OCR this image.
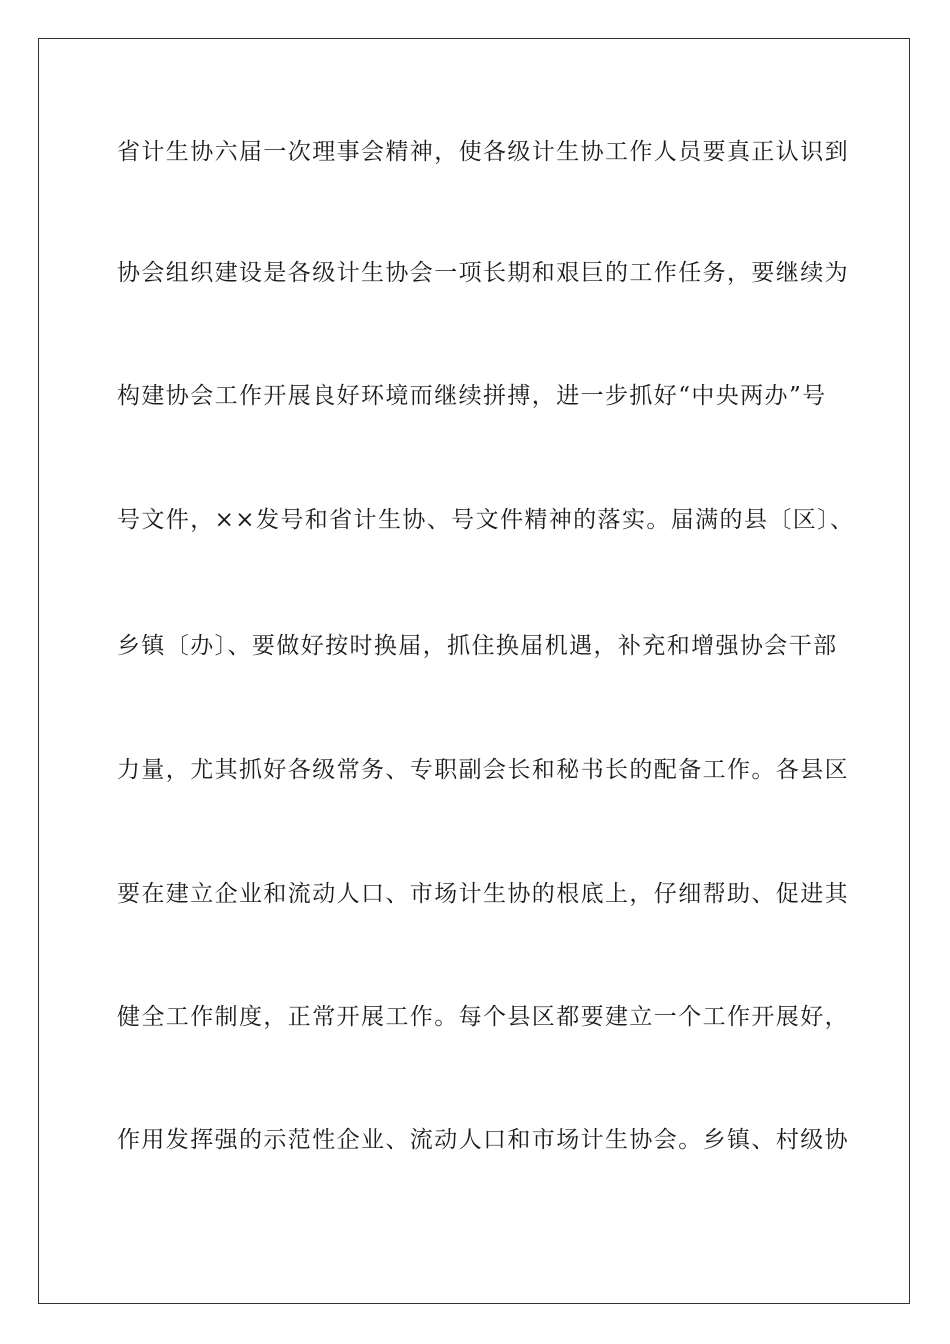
省计生协六届一次理事会精神，使各级计生协工作人员要真正认识到
协会组织建设是各级计生协会一项长期和艰巨的工作任务，要继续为
构建协会工作开展良好环境而继续拼搏，进一步抓好“中央两办”号
号文件，××发号和省计生协、号文件精神的落实。届满的县〔区〕、
乡镇〔办〕、要做好按时换届，抓住换届机遇，补充和增强协会干部
力量，尤其抓好各级常务、专职副会长和秘书长的配备工作。各县区
要在建立企业和流动人口、市场计生协的根底上，仔细帮助、促进其
健全工作制度，正常开展工作。每个县区都要建立一个工作开展好，
作用发挥强的示范性企业、流动人口和市场计生协会。乡镇、村级协
